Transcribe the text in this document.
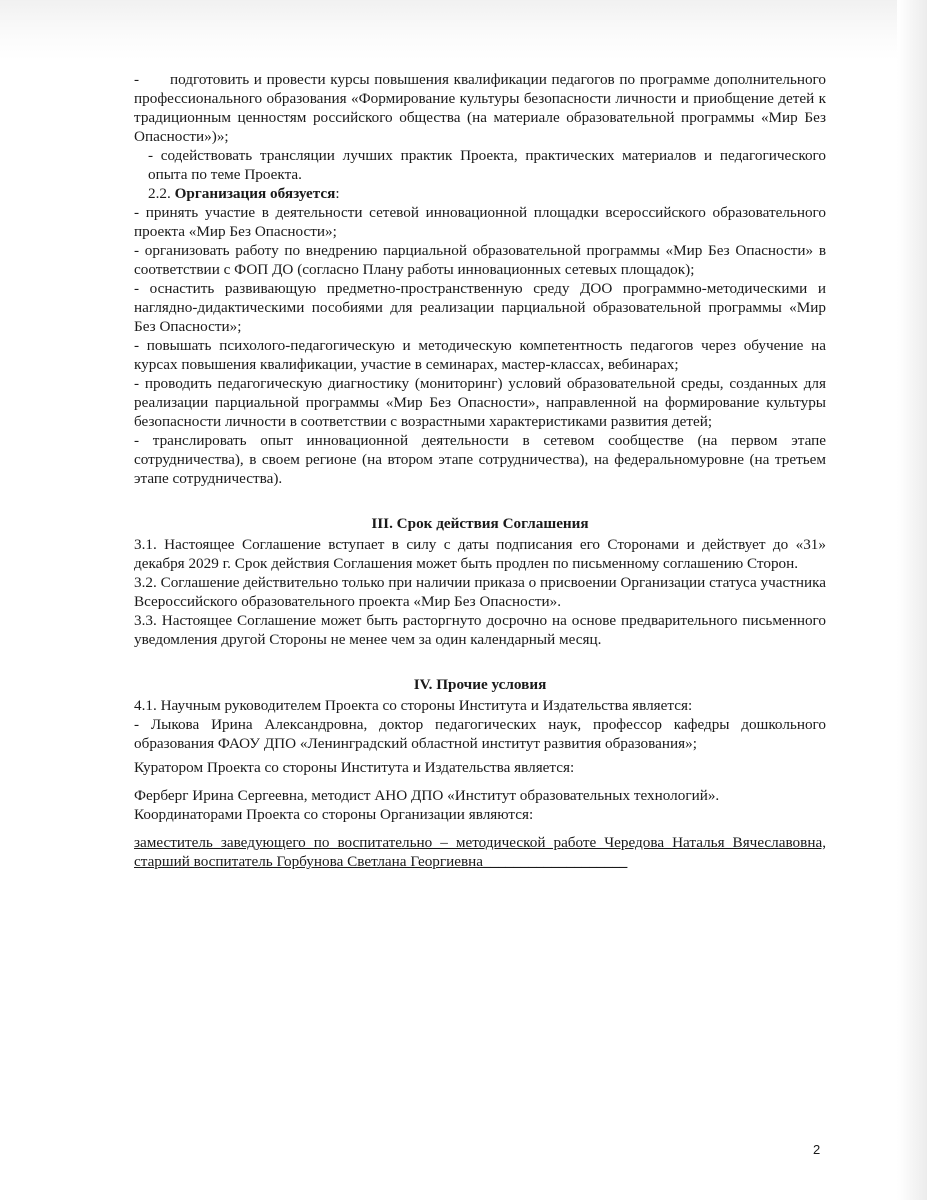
- подготовить и провести курсы повышения квалификации педагогов по программе дополнительного профессионального образования «Формирование культуры безопасности личности и приобщение детей к традиционным ценностям российского общества (на материале образовательной программы «Мир Без Опасности»)»;

- содействовать трансляции лучших практик Проекта, практических материалов и педагогического опыта по теме Проекта.

2.2. Организация обязуется:

- принять участие в деятельности сетевой инновационной площадки всероссийского образовательного проекта «Мир Без Опасности»;

- организовать работу по внедрению парциальной образовательной программы «Мир Без Опасности» в соответствии с ФОП ДО (согласно Плану работы инновационных сетевых площадок);

- оснастить развивающую предметно-пространственную среду ДОО программно-методическими и наглядно-дидактическими пособиями для реализации парциальной образовательной программы «Мир Без Опасности»;

- повышать психолого-педагогическую и методическую компетентность педагогов через обучение на курсах повышения квалификации, участие в семинарах, мастер-классах, вебинарах;

- проводить педагогическую диагностику (мониторинг) условий образовательной среды, созданных для реализации парциальной программы «Мир Без Опасности», направленной на формирование культуры безопасности личности в соответствии с возрастными характеристиками развития детей;

- транслировать опыт инновационной деятельности в сетевом сообществе (на первом этапе сотрудничества), в своем регионе (на втором этапе сотрудничества), на федеральномуровне (на третьем этапе сотрудничества).

III. Срок действия Соглашения

3.1. Настоящее Соглашение вступает в силу с даты подписания его Сторонами и действует до «31» декабря 2029 г. Срок действия Соглашения может быть продлен по письменному соглашению Сторон.

3.2. Соглашение действительно только при наличии приказа о присвоении Организации статуса участника Всероссийского образовательного проекта «Мир Без Опасности».

3.3. Настоящее Соглашение может быть расторгнуто досрочно на основе предварительного письменного уведомления другой Стороны не менее чем за один календарный месяц.

IV. Прочие условия

4.1. Научным руководителем Проекта со стороны Института и Издательства является:

- Лыкова Ирина Александровна, доктор педагогических наук, профессор кафедры дошкольного образования ФАОУ ДПО «Ленинградский областной институт развития образования»;

Куратором Проекта со стороны Института и Издательства является:

Ферберг Ирина Сергеевна, методист АНО ДПО «Институт образовательных технологий».

Координаторами Проекта со стороны Организации являются:

заместитель заведующего по воспитательно – методической работе Чередова Наталья Вячеславовна, старший воспитатель Горбунова Светлана Георгиевна___________________

2
